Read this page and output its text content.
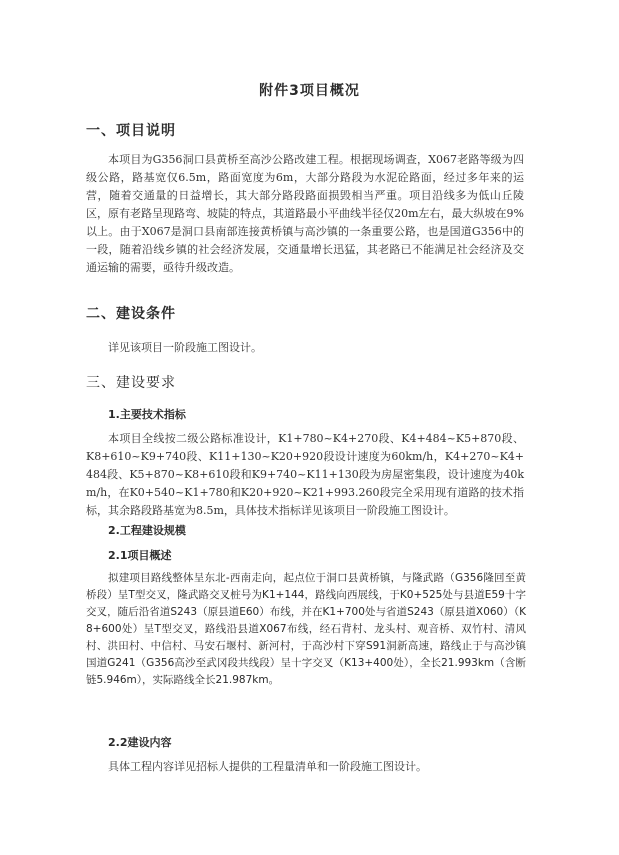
附件3项目概况
一、项目说明

本项目为G356洞口县黄桥至高沙公路改建工程。根据现场调查，X067老路等级为四级公路，路基宽仅6.5m，路面宽度为6m，大部分路段为水泥砼路面，经过多年来的运营，随着交通量的日益增长，其大部分路段路面损毁相当严重。项目沿线多为低山丘陵区，原有老路呈现路弯、坡陡的特点，其道路最小平曲线半径仅20m左右，最大纵坡在9%以上。由于X067是洞口县南部连接黄桥镇与高沙镇的一条重要公路，也是国道G356中的一段，随着沿线乡镇的社会经济发展，交通量增长迅猛，其老路已不能满足社会经济及交通运输的需要，亟待升级改造。

二、建设条件

详见该项目一阶段施工图设计。

三、建设要求
1.主要技术指标

本项目全线按二级公路标准设计，K1+780~K4+270段、K4+484~K5+870段、K8+610~K9+740段、K11+130~K20+920段设计速度为60km/h，K4+270~K4+484段、K5+870~K8+610段和K9+740~K11+130段为房屋密集段，设计速度为40km/h，在K0+540~K1+780和K20+920~K21+993.260段完全采用现有道路的技术指标，其余路段路基宽为8.5m，具体技术指标详见该项目一阶段施工图设计。

2.工程建设规模
2.1项目概述

拟建项目路线整体呈东北-西南走向，起点位于洞口县黄桥镇，与隆武路（G356隆回至黄桥段）呈T型交叉，隆武路交叉桩号为K1+144，路线向西展线，于K0+525处与县道E59十字交叉，随后沿省道S243（原县道E60）布线，并在K1+700处与省道S243（原县道X060）（K8+600处）呈T型交叉，路线沿县道X067布线，经石背村、龙头村、观音桥、双竹村、清风村、洪田村、中信村、马安石堰村、新河村，于高沙村下穿S91洞新高速，路线止于与高沙镇国道G241（G356高沙至武冈段共线段）呈十字交叉（K13+400处），全长21.993km（含断链5.946m），实际路线全长21.987km。

2.2建设内容

具体工程内容详见招标人提供的工程量清单和一阶段施工图设计。
